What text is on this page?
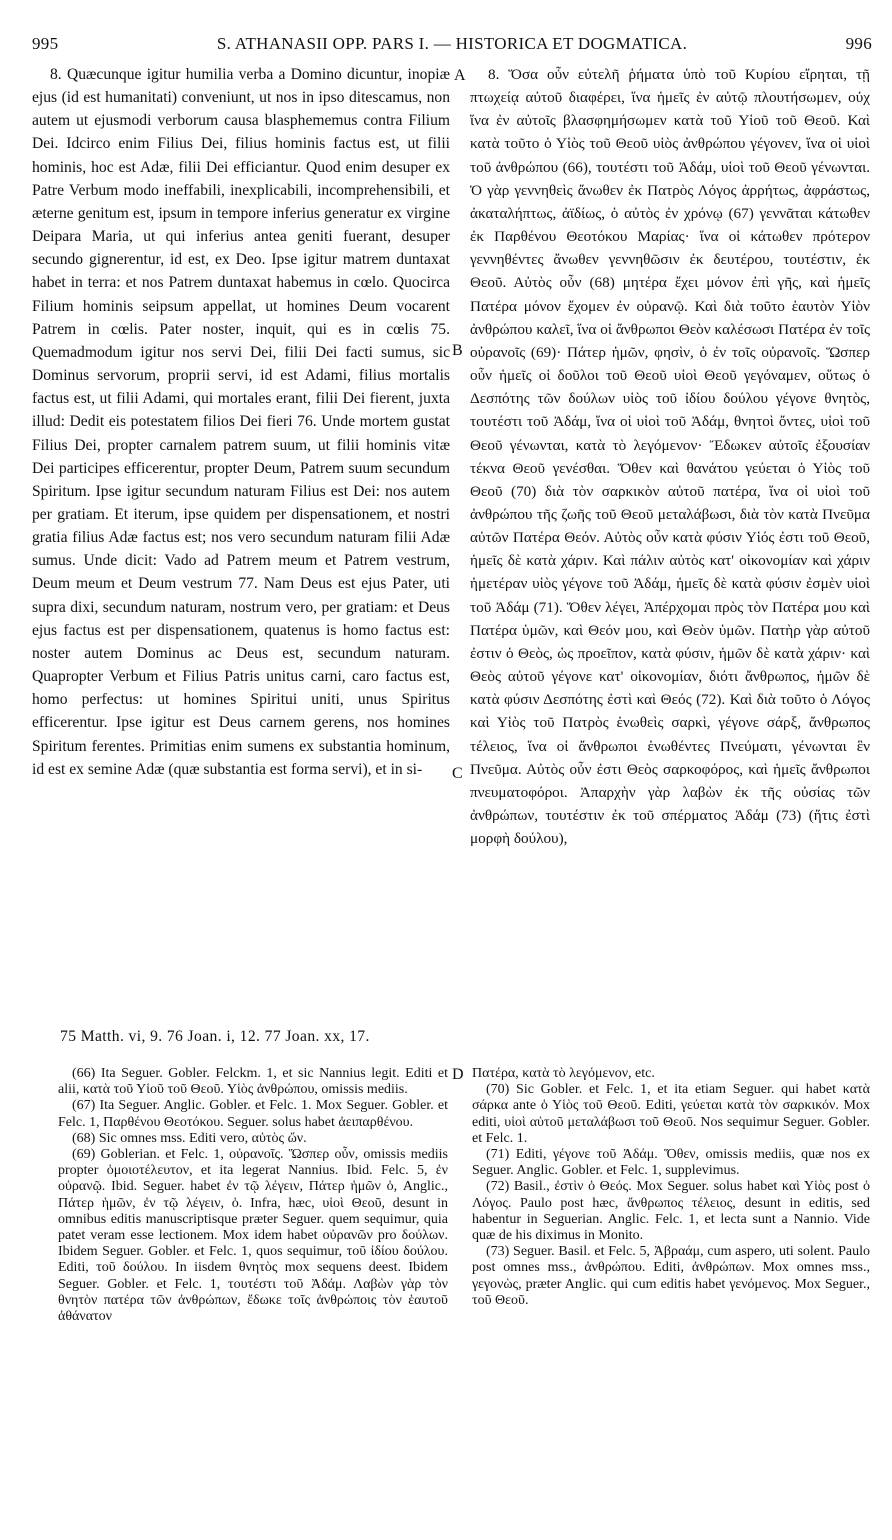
995	S. ATHANASII OPP. PARS I. — HISTORICA ET DOGMATICA.	996

8. Quæcunque igitur humilia verba a Domino dicuntur, inopiæ ejus (id est humanitati) conveniunt, ut nos in ipso ditescamus, non autem ut ejusmodi verborum causa blasphememus contra Filium Dei. Idcirco enim Filius Dei, filius hominis factus est, ut filii hominis, hoc est Adæ, filii Dei efficiantur. Quod enim desuper ex Patre Verbum modo ineffabili, inexplicabili, incomprehensibili, et æterne genitum est, ipsum in tempore inferius generatur ex virgine Deipara Maria, ut qui inferius antea geniti fuerant, desuper secundo gignerentur, id est, ex Deo. Ipse igitur matrem duntaxat habet in terra: et nos Patrem duntaxat habemus in cœlo. Quocirca Filium hominis seipsum appellat, ut homines Deum vocarent Patrem in cœlis. Pater noster, inquit, qui es in cœlis 75. Quemadmodum igitur nos servi Dei, filii Dei facti sumus, sic Dominus servorum, proprii servi, id est Adami, filius mortalis factus est, ut filii Adami, qui mortales erant, filii Dei fierent, juxta illud: Dedit eis potestatem filios Dei fieri 76. Unde mortem gustat Filius Dei, propter carnalem patrem suum, ut filii hominis vitæ Dei participes efficerentur, propter Deum, Patrem suum secundum Spiritum. Ipse igitur secundum naturam Filius est Dei: nos autem per gratiam. Et iterum, ipse quidem per dispensationem, et nostri gratia filius Adæ factus est; nos vero secundum naturam filii Adæ sumus. Unde dicit: Vado ad Patrem meum et Patrem vestrum, Deum meum et Deum vestrum 77. Nam Deus est ejus Pater, uti supra dixi, secundum naturam, nostrum vero, per gratiam: et Deus ejus factus est per dispensationem, quatenus is homo factus est: noster autem Dominus ac Deus est, secundum naturam. Quapropter Verbum et Filius Patris unitus carni, caro factus est, homo perfectus: ut homines Spiritui uniti, unus Spiritus efficerentur. Ipse igitur est Deus carnem gerens, nos homines Spiritum ferentes. Primitias enim sumens ex substantia hominum, id est ex semine Adæ (quæ substantia est forma servi), et in si-

A
B
C
D

8. Ὅσα οὖν εὐτελῆ ῥήματα ὑπὸ τοῦ Κυρίου εἴρηται, τῇ πτωχείᾳ αὐτοῦ διαφέρει, ἵνα ἡμεῖς ἐν αὐτῷ πλουτήσωμεν, οὐχ ἵνα ἐν αὐτοῖς βλασφημήσωμεν κατὰ τοῦ Υἱοῦ τοῦ Θεοῦ. Καὶ κατὰ τοῦτο ὁ Υἱὸς τοῦ Θεοῦ υἱὸς ἀνθρώπου γέγονεν, ἵνα οἱ υἱοὶ τοῦ ἀνθρώπου (66), τουτέστι τοῦ Ἀδάμ, υἱοὶ τοῦ Θεοῦ γένωνται. Ὁ γὰρ γεννηθεὶς ἄνωθεν ἐκ Πατρὸς Λόγος ἀρρήτως, ἀφράστως, ἀκαταλήπτως, ἀϊδίως, ὁ αὐτὸς ἐν χρόνῳ (67) γεννᾶται κάτωθεν ἐκ Παρθένου Θεοτόκου Μαρίας· ἵνα οἱ κάτωθεν πρότερον γεννηθέντες ἄνωθεν γεννηθῶσιν ἐκ δευτέρου, τουτέστιν, ἐκ Θεοῦ. Αὐτὸς οὖν (68) μητέρα ἔχει μόνον ἐπὶ γῆς, καὶ ἡμεῖς Πατέρα μόνον ἔχομεν ἐν οὐρανῷ. Καὶ διὰ τοῦτο ἑαυτὸν Υἱὸν ἀνθρώπου καλεῖ, ἵνα οἱ ἄνθρωποι Θεὸν καλέσωσι Πατέρα ἐν τοῖς οὐρανοῖς (69)· Πάτερ ἡμῶν, φησὶν, ὁ ἐν τοῖς οὐρανοῖς. Ὥσπερ οὖν ἡμεῖς οἱ δοῦλοι τοῦ Θεοῦ υἱοὶ Θεοῦ γεγόναμεν, οὕτως ὁ Δεσπότης τῶν δούλων υἱὸς τοῦ ἰδίου δούλου γέγονε θνητὸς, τουτέστι τοῦ Ἀδάμ, ἵνα οἱ υἱοὶ τοῦ Ἀδάμ, θνητοὶ ὄντες, υἱοὶ τοῦ Θεοῦ γένωνται, κατὰ τὸ λεγόμενον· Ἔδωκεν αὐτοῖς ἐξουσίαν τέκνα Θεοῦ γενέσθαι. Ὅθεν καὶ θανάτου γεύεται ὁ Υἱὸς τοῦ Θεοῦ (70) διὰ τὸν σαρκικὸν αὐτοῦ πατέρα, ἵνα οἱ υἱοὶ τοῦ ἀνθρώπου τῆς ζωῆς τοῦ Θεοῦ μεταλάβωσι, διὰ τὸν κατὰ Πνεῦμα αὐτῶν Πατέρα Θεόν. Αὐτὸς οὖν κατὰ φύσιν Υἱός ἐστι τοῦ Θεοῦ, ἡμεῖς δὲ κατὰ χάριν. Καὶ πάλιν αὐτὸς κατ' οἰκονομίαν καὶ χάριν ἡμετέραν υἱὸς γέγονε τοῦ Ἀδάμ, ἡμεῖς δὲ κατὰ φύσιν ἐσμὲν υἱοὶ τοῦ Ἀδάμ (71). Ὅθεν λέγει, Ἀπέρχομαι πρὸς τὸν Πατέρα μου καὶ Πατέρα ὑμῶν, καὶ Θεόν μου, καὶ Θεὸν ὑμῶν. Πατὴρ γὰρ αὐτοῦ ἐστιν ὁ Θεὸς, ὡς προεῖπον, κατὰ φύσιν, ἡμῶν δὲ κατὰ χάριν· καὶ Θεὸς αὐτοῦ γέγονε κατ' οἰκονομίαν, διότι ἄνθρωπος, ἡμῶν δὲ κατὰ φύσιν Δεσπότης ἐστὶ καὶ Θεός (72). Καὶ διὰ τοῦτο ὁ Λόγος καὶ Υἱὸς τοῦ Πατρὸς ἑνωθεὶς σαρκὶ, γέγονε σάρξ, ἄνθρωπος τέλειος, ἵνα οἱ ἄνθρωποι ἑνωθέντες Πνεύματι, γένωνται ἓν Πνεῦμα. Αὐτὸς οὖν ἐστι Θεὸς σαρκοφόρος, καὶ ἡμεῖς ἄνθρωποι πνευματοφόροι. Ἀπαρχὴν γὰρ λαβὼν ἐκ τῆς οὐσίας τῶν ἀνθρώπων, τουτέστιν ἐκ τοῦ σπέρματος Ἀδάμ (73) (ἥτις ἐστὶ μορφὴ δούλου),

75 Matth. vi, 9. 76 Joan. i, 12. 77 Joan. xx, 17.

(66) Ita Seguer. Gobler. Felckm. 1, et sic Nannius legit. Editi et alii, κατὰ τοῦ Υἱοῦ τοῦ Θεοῦ. Υἱὸς ἀνθρώπου, omissis mediis.

(67) Ita Seguer. Anglic. Gobler. et Felc. 1. Mox Seguer. Gobler. et Felc. 1, Παρθένου Θεοτόκου. Seguer. solus habet ἀειπαρθένου.

(68) Sic omnes mss. Editi vero, αὐτὸς ὤν.

(69) Goblerian. et Felc. 1, οὐρανοῖς. Ὥσπερ οὖν, omissis mediis propter ὁμοιοτέλευτον, et ita legerat Nannius. Ibid. Felc. 5, ἐν οὐρανῷ. Ibid. Seguer. habet ἐν τῷ λέγειν, Πάτερ ἡμῶν ὁ, Anglic., Πάτερ ἡμῶν, ἐν τῷ λέγειν, ὁ. Infra, hæc, υἱοὶ Θεοῦ, desunt in omnibus editis manuscriptisque præter Seguer. quem sequimur, quia patet veram esse lectionem. Mox idem habet οὐρανῶν pro δούλων. Ibidem Seguer. Gobler. et Felc. 1, quos sequimur, τοῦ ἰδίου δούλου. Editi, τοῦ δούλου. In iisdem θνητὸς mox sequens deest. Ibidem Seguer. Gobler. et Felc. 1, τουτέστι τοῦ Ἀδάμ. Λαβὼν γὰρ τὸν θνητὸν πατέρα τῶν ἀνθρώπων, ἔδωκε τοῖς ἀνθρώποις τὸν ἑαυτοῦ ἀθάνατον

Πατέρα, κατὰ τὸ λεγόμενον, etc.

(70) Sic Gobler. et Felc. 1, et ita etiam Seguer. qui habet κατὰ σάρκα ante ὁ Υἱὸς τοῦ Θεοῦ. Editi, γεύεται κατὰ τὸν σαρκικόν. Mox editi, υἱοὶ αὐτοῦ μεταλάβωσι τοῦ Θεοῦ. Nos sequimur Seguer. Gobler. et Felc. 1.

(71) Editi, γέγονε τοῦ Ἀδάμ. Ὅθεν, omissis mediis, quæ nos ex Seguer. Anglic. Gobler. et Felc. 1, supplevimus.

(72) Basil., ἐστὶν ὁ Θεός. Mox Seguer. solus habet καὶ Υἱὸς post ὁ Λόγος. Paulo post hæc, ἄνθρωπος τέλειος, desunt in editis, sed habentur in Seguerian. Anglic. Felc. 1, et lecta sunt a Nannio. Vide quæ de his diximus in Monito.

(73) Seguer. Basil. et Felc. 5, Ἀβραάμ, cum aspero, uti solent. Paulo post omnes mss., ἀνθρώπου. Editi, ἀνθρώπων. Mox omnes mss., γεγονὼς, præter Anglic. qui cum editis habet γενόμενος. Mox Seguer., τοῦ Θεοῦ.
